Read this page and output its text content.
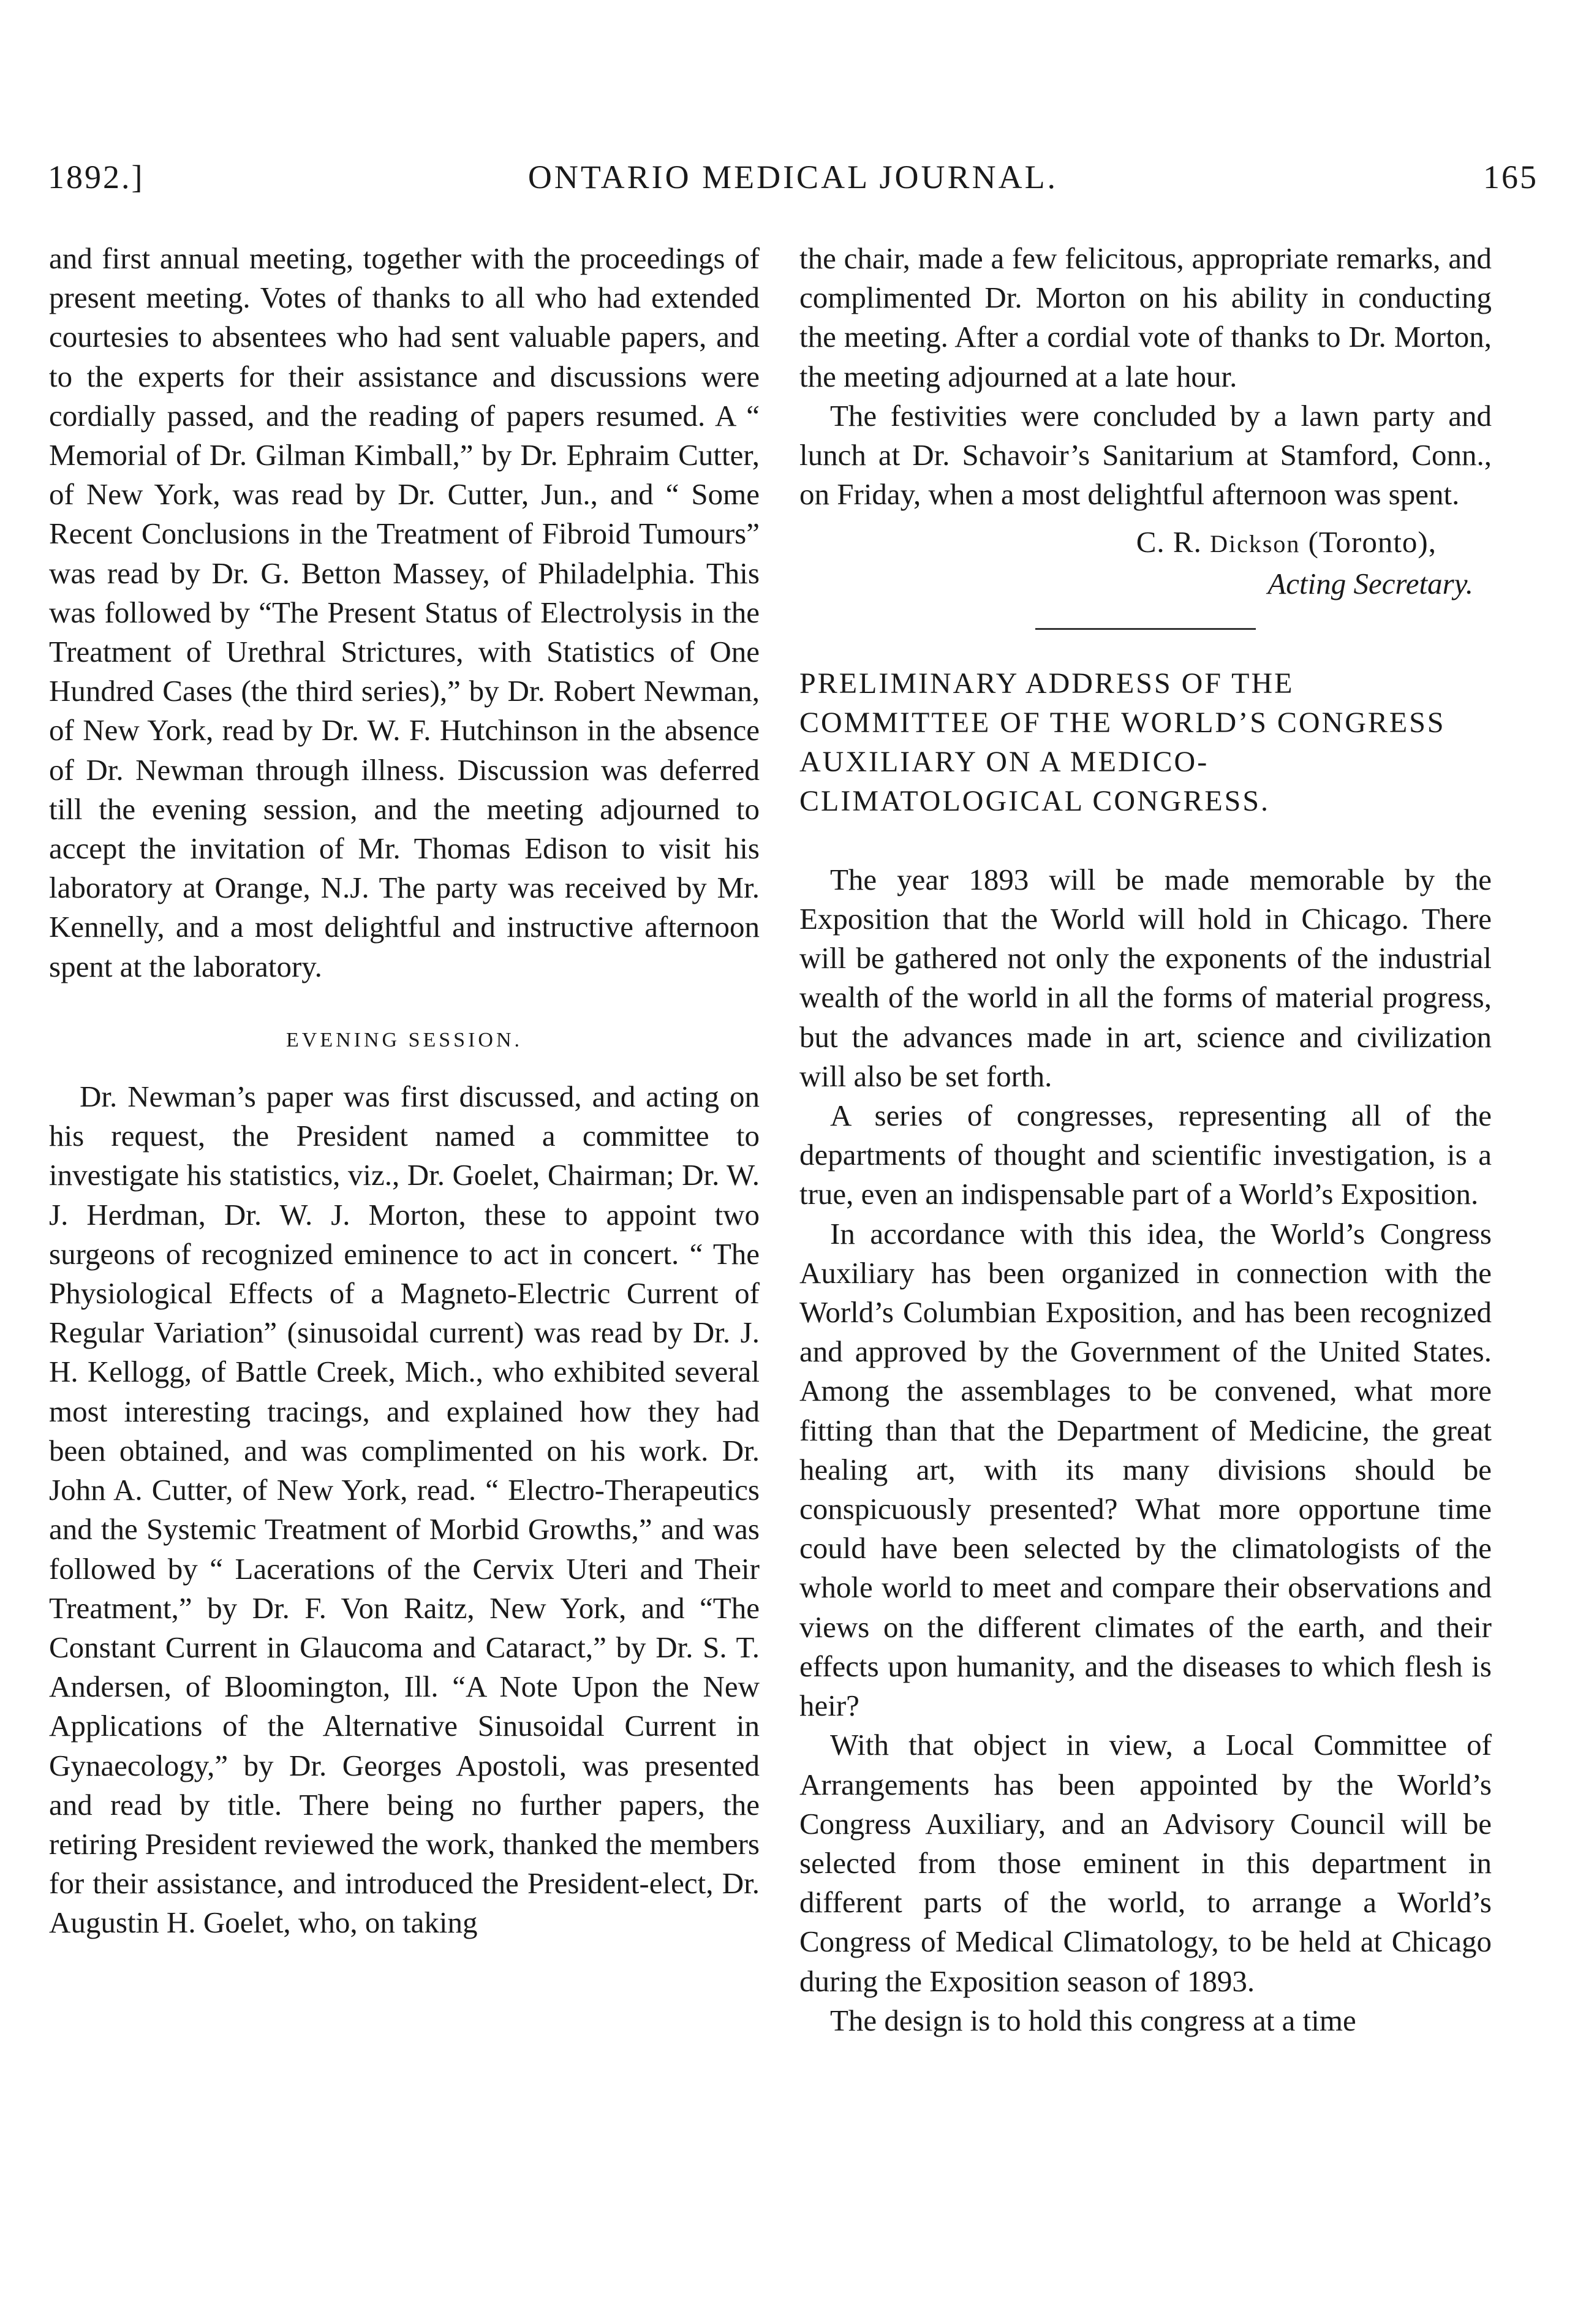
1892.]	ONTARIO MEDICAL JOURNAL.	165

and first annual meeting, together with the proceedings of present meeting. Votes of thanks to all who had extended courtesies to absentees who had sent valuable papers, and to the experts for their assistance and discussions were cordially passed, and the reading of papers resumed. A “ Memorial of Dr. Gilman Kimball,” by Dr. Ephraim Cutter, of New York, was read by Dr. Cutter, Jun., and “ Some Recent Conclusions in the Treatment of Fibroid Tumours” was read by Dr. G. Betton Massey, of Philadelphia. This was followed by “The Present Status of Electrolysis in the Treatment of Urethral Strictures, with Statistics of One Hundred Cases (the third series),” by Dr. Robert Newman, of New York, read by Dr. W. F. Hutchinson in the absence of Dr. Newman through illness. Discussion was deferred till the evening session, and the meeting adjourned to accept the invitation of Mr. Thomas Edison to visit his laboratory at Orange, N.J. The party was received by Mr. Kennelly, and a most delightful and instructive afternoon spent at the laboratory.

EVENING SESSION.

Dr. Newman’s paper was first discussed, and acting on his request, the President named a committee to investigate his statistics, viz., Dr. Goelet, Chairman; Dr. W. J. Herdman, Dr. W. J. Morton, these to appoint two surgeons of recognized eminence to act in concert. “ The Physiological Effects of a Magneto-Electric Current of Regular Variation” (sinusoidal current) was read by Dr. J. H. Kellogg, of Battle Creek, Mich., who exhibited several most interesting tracings, and explained how they had been obtained, and was complimented on his work. Dr. John A. Cutter, of New York, read. “ Electro-Therapeutics and the Systemic Treatment of Morbid Growths,” and was followed by “ Lacerations of the Cervix Uteri and Their Treatment,” by Dr. F. Von Raitz, New York, and “The Constant Current in Glaucoma and Cataract,” by Dr. S. T. Andersen, of Bloomington, Ill. “A Note Upon the New Applications of the Alternative Sinusoidal Current in Gynaecology,” by Dr. Georges Apostoli, was presented and read by title. There being no further papers, the retiring President reviewed the work, thanked the members for their assistance, and introduced the President-elect, Dr. Augustin H. Goelet, who, on taking

the chair, made a few felicitous, appropriate remarks, and complimented Dr. Morton on his ability in conducting the meeting. After a cordial vote of thanks to Dr. Morton, the meeting adjourned at a late hour.

The festivities were concluded by a lawn party and lunch at Dr. Schavoir’s Sanitarium at Stamford, Conn., on Friday, when a most delightful afternoon was spent.

C. R. Dickson (Toronto),
Acting Secretary.
PRELIMINARY ADDRESS OF THE COMMITTEE OF THE WORLD’S CONGRESS AUXILIARY ON A MEDICO-CLIMATOLOGICAL CONGRESS.

The year 1893 will be made memorable by the Exposition that the World will hold in Chicago. There will be gathered not only the exponents of the industrial wealth of the world in all the forms of material progress, but the advances made in art, science and civilization will also be set forth.

A series of congresses, representing all of the departments of thought and scientific investigation, is a true, even an indispensable part of a World’s Exposition.

In accordance with this idea, the World’s Congress Auxiliary has been organized in connection with the World’s Columbian Exposition, and has been recognized and approved by the Government of the United States. Among the assemblages to be convened, what more fitting than that the Department of Medicine, the great healing art, with its many divisions should be conspicuously presented? What more opportune time could have been selected by the climatologists of the whole world to meet and compare their observations and views on the different climates of the earth, and their effects upon humanity, and the diseases to which flesh is heir?

With that object in view, a Local Committee of Arrangements has been appointed by the World’s Congress Auxiliary, and an Advisory Council will be selected from those eminent in this department in different parts of the world, to arrange a World’s Congress of Medical Climatology, to be held at Chicago during the Exposition season of 1893.

The design is to hold this congress at a time
